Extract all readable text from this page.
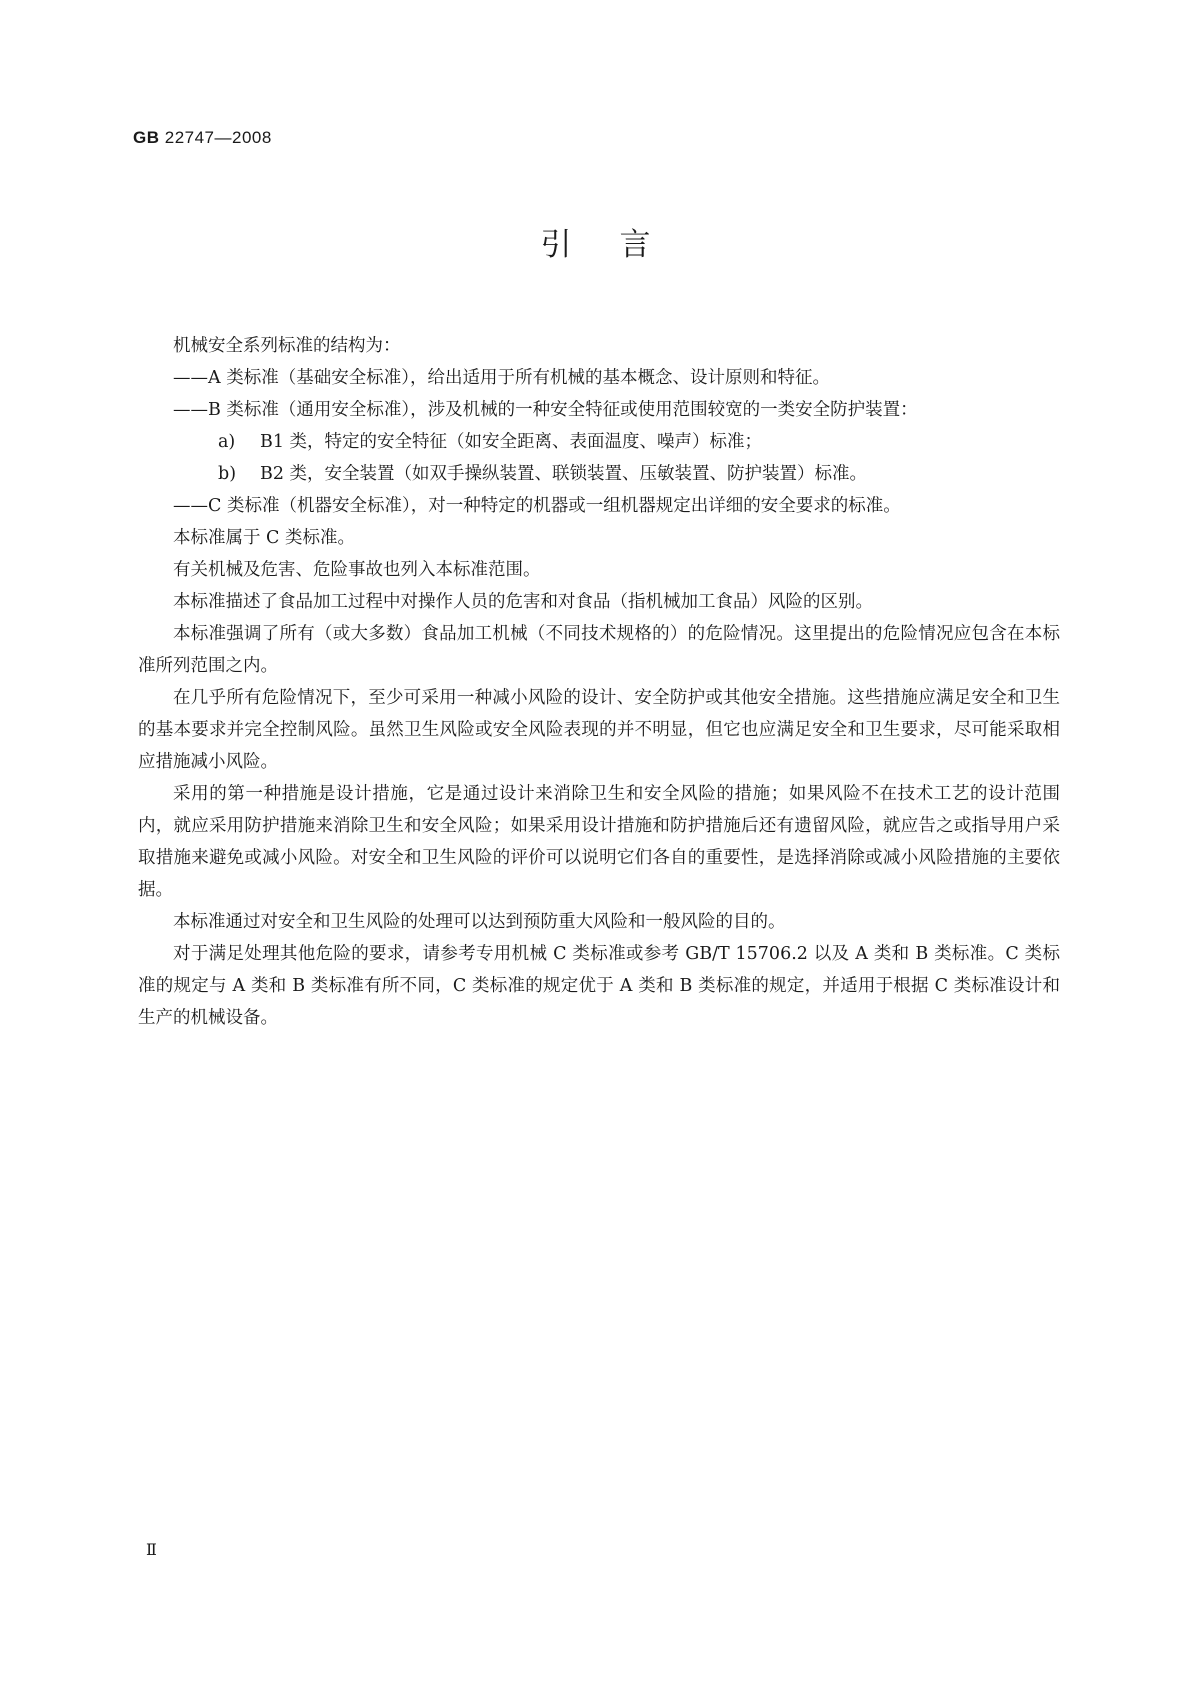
GB 22747—2008
引言

机械安全系列标准的结构为：

——A 类标准（基础安全标准），给出适用于所有机械的基本概念、设计原则和特征。

——B 类标准（通用安全标准），涉及机械的一种安全特征或使用范围较宽的一类安全防护装置：

a) B1 类，特定的安全特征（如安全距离、表面温度、噪声）标准；

b) B2 类，安全装置（如双手操纵装置、联锁装置、压敏装置、防护装置）标准。

——C 类标准（机器安全标准），对一种特定的机器或一组机器规定出详细的安全要求的标准。

本标准属于 C 类标准。

有关机械及危害、危险事故也列入本标准范围。

本标准描述了食品加工过程中对操作人员的危害和对食品（指机械加工食品）风险的区别。

本标准强调了所有（或大多数）食品加工机械（不同技术规格的）的危险情况。这里提出的危险情况应包含在本标准所列范围之内。

在几乎所有危险情况下，至少可采用一种减小风险的设计、安全防护或其他安全措施。这些措施应满足安全和卫生的基本要求并完全控制风险。虽然卫生风险或安全风险表现的并不明显，但它也应满足安全和卫生要求，尽可能采取相应措施减小风险。

采用的第一种措施是设计措施，它是通过设计来消除卫生和安全风险的措施；如果风险不在技术工艺的设计范围内，就应采用防护措施来消除卫生和安全风险；如果采用设计措施和防护措施后还有遗留风险，就应告之或指导用户采取措施来避免或减小风险。对安全和卫生风险的评价可以说明它们各自的重要性，是选择消除或减小风险措施的主要依据。

本标准通过对安全和卫生风险的处理可以达到预防重大风险和一般风险的目的。

对于满足处理其他危险的要求，请参考专用机械 C 类标准或参考 GB/T 15706.2 以及 A 类和 B 类标准。C 类标准的规定与 A 类和 B 类标准有所不同，C 类标准的规定优于 A 类和 B 类标准的规定，并适用于根据 C 类标准设计和生产的机械设备。

Ⅱ
